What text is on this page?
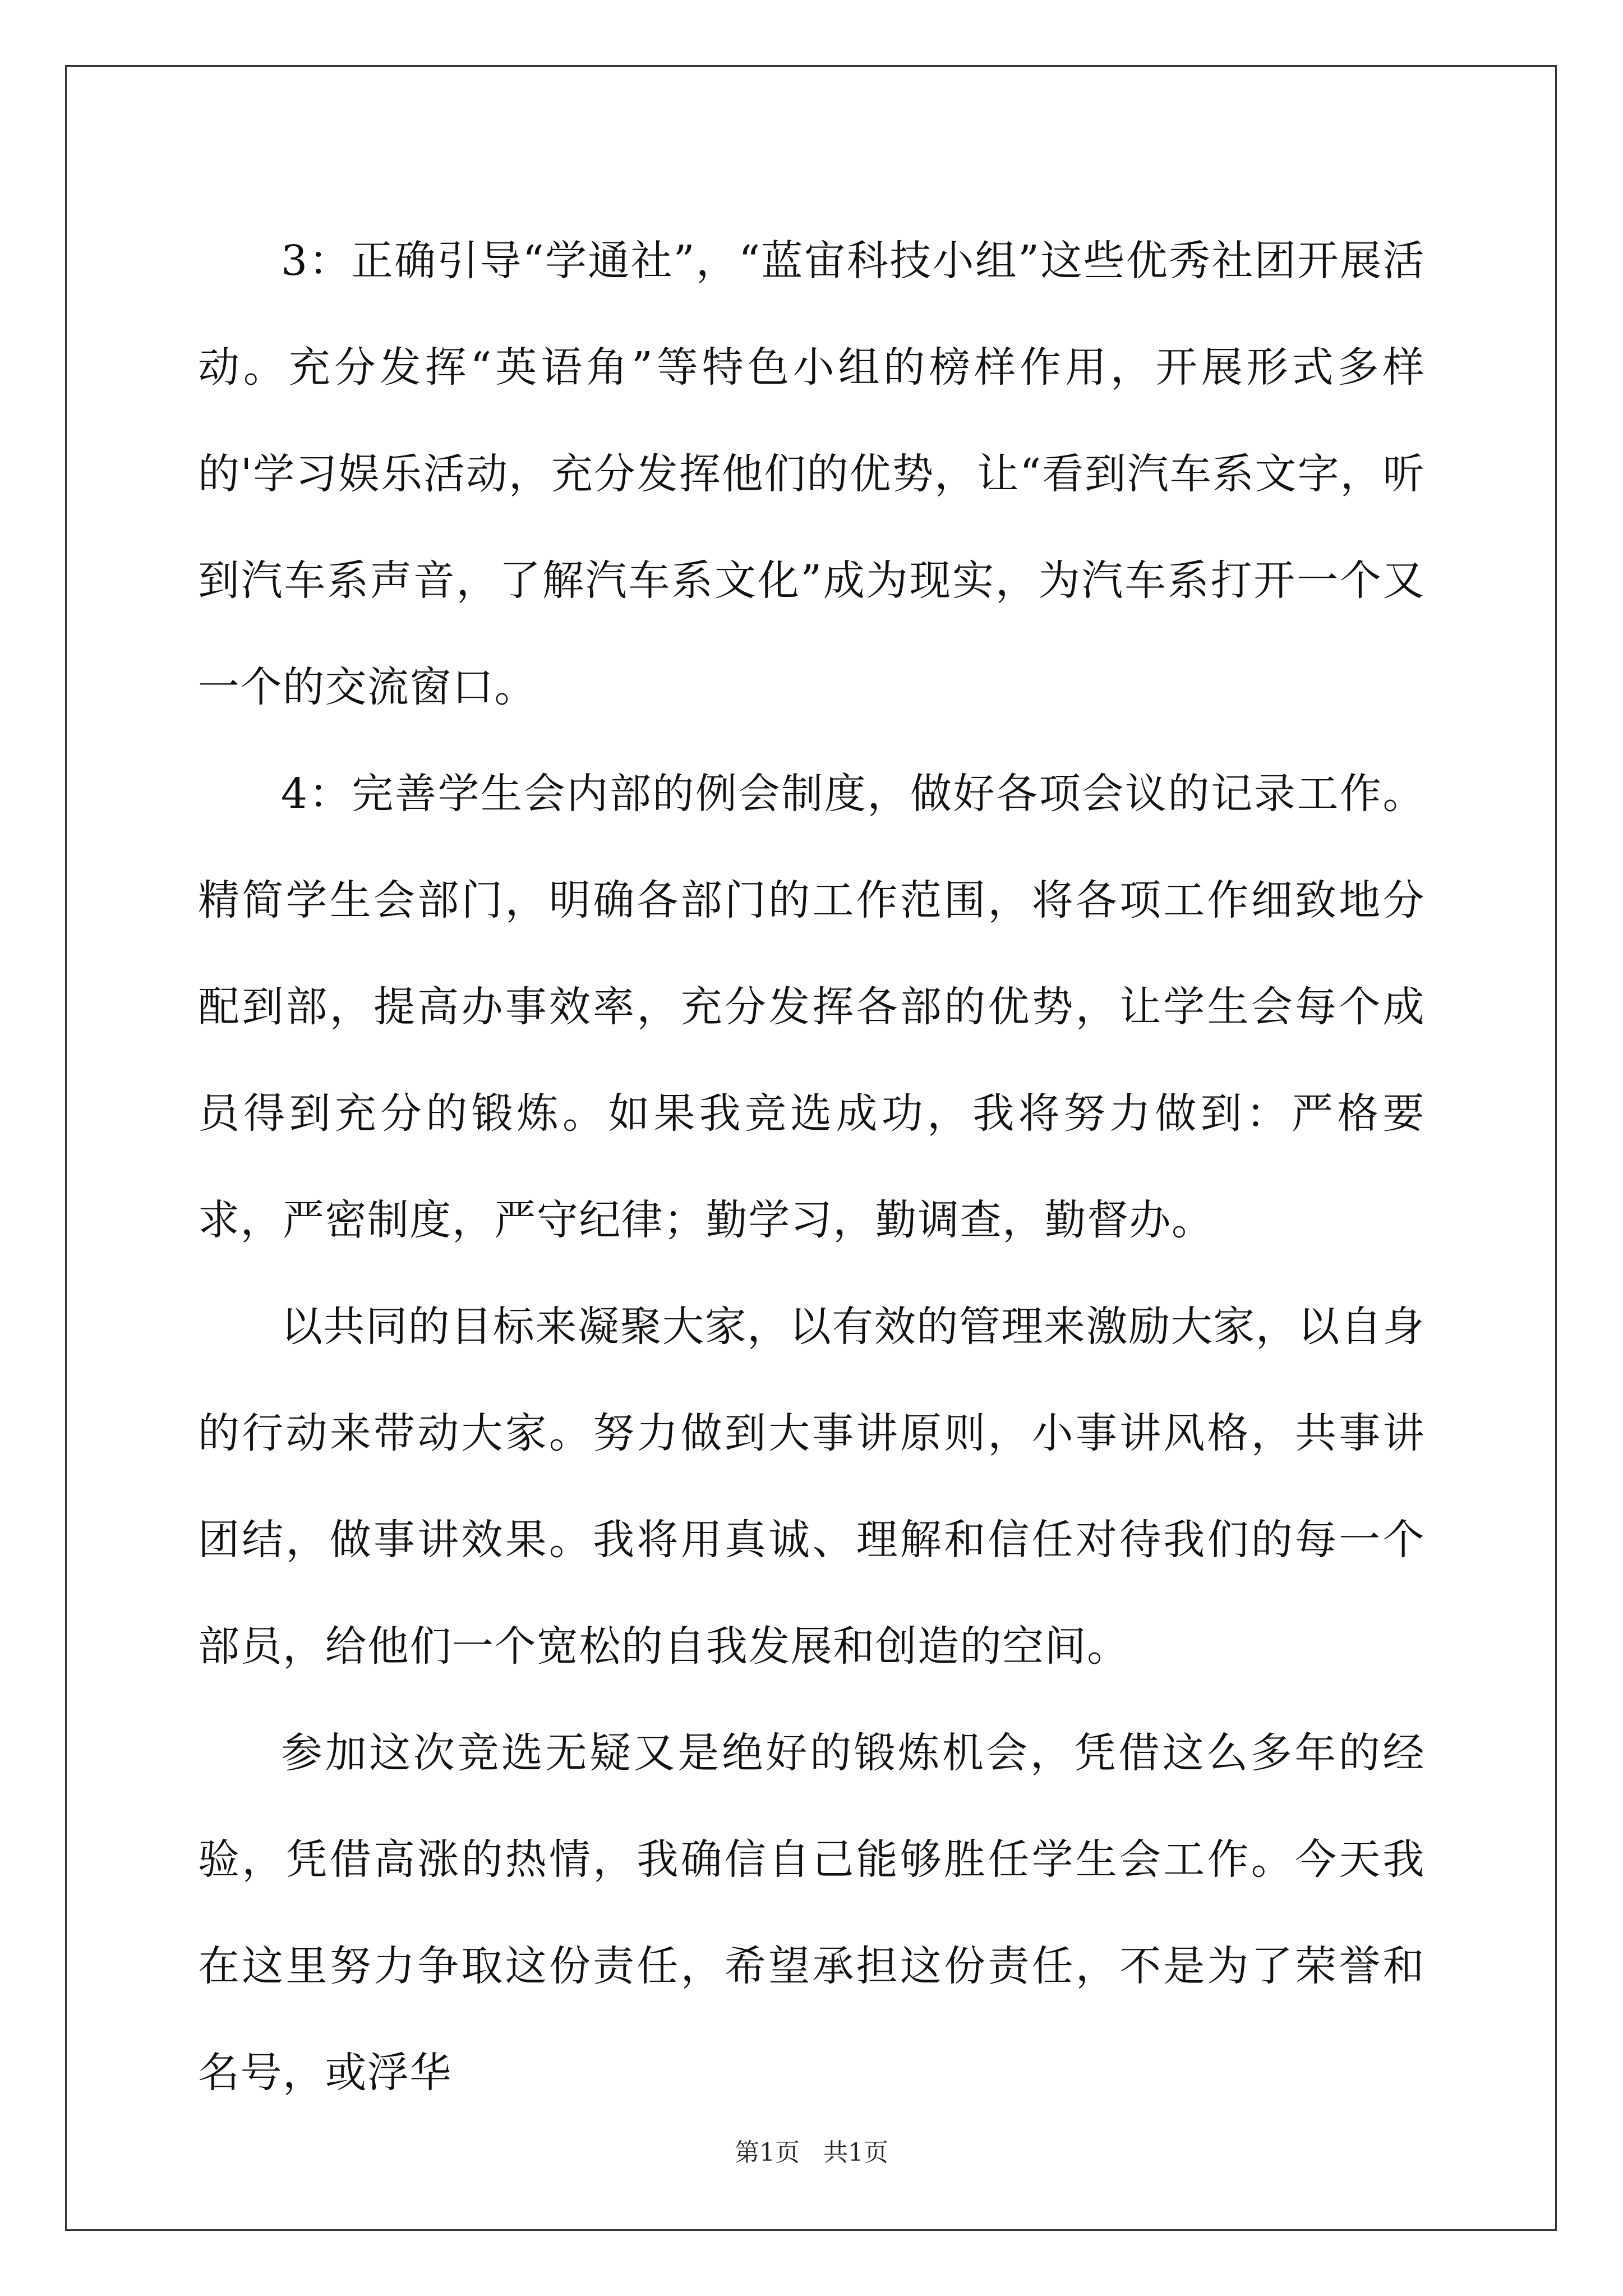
3：正确引导“学通社”，“蓝宙科技小组”这些优秀社团开展活动。充分发挥“英语角”等特色小组的榜样作用，开展形式多样的'学习娱乐活动，充分发挥他们的优势，让“看到汽车系文字，听到汽车系声音，了解汽车系文化”成为现实，为汽车系打开一个又一个的交流窗口。

4：完善学生会内部的例会制度，做好各项会议的记录工作。精简学生会部门，明确各部门的工作范围，将各项工作细致地分配到部，提高办事效率，充分发挥各部的优势，让学生会每个成员得到充分的锻炼。如果我竞选成功，我将努力做到：严格要求，严密制度，严守纪律；勤学习，勤调查，勤督办。

以共同的目标来凝聚大家，以有效的管理来激励大家，以自身的行动来带动大家。努力做到大事讲原则，小事讲风格，共事讲团结，做事讲效果。我将用真诚、理解和信任对待我们的每一个部员，给他们一个宽松的自我发展和创造的空间。

参加这次竞选无疑又是绝好的锻炼机会，凭借这么多年的经验，凭借高涨的热情，我确信自己能够胜任学生会工作。今天我在这里努力争取这份责任，希望承担这份责任，不是为了荣誉和名号，或浮华

第1页 共1页
